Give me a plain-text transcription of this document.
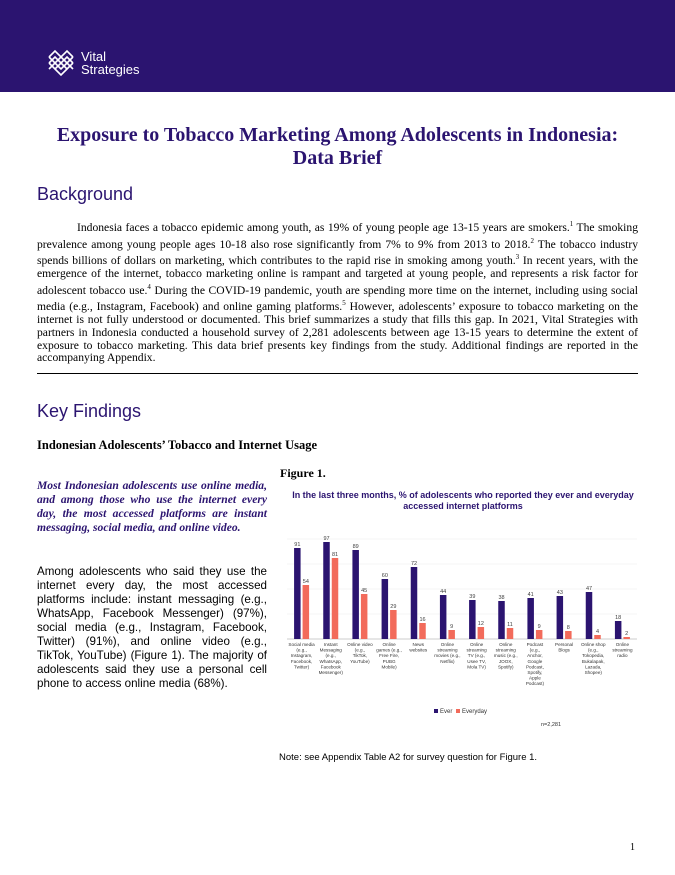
Vital
Strategies
Exposure to Tobacco Marketing Among Adolescents in Indonesia:
Data Brief
Background

Indonesia faces a tobacco epidemic among youth, as 19% of young people age 13-15 years are smokers.$^1$ The smoking prevalence among young people ages 10-18 also rose significantly from 7% to 9% from 2013 to 2018.$^2$ The tobacco industry spends billions of dollars on marketing, which contributes to the rapid rise in smoking among youth.$^3$ In recent years, with the emergence of the internet, tobacco marketing online is rampant and targeted at young people, and represents a risk factor for adolescent tobacco use.$^4$ During the COVID-19 pandemic, youth are spending more time on the internet, including using social media (e.g., Instagram, Facebook) and online gaming platforms.$^5$ However, adolescents’ exposure to tobacco marketing on the internet is not fully understood or documented. This brief summarizes a study that fills this gap. In 2021, Vital Strategies with partners in Indonesia conducted a household survey of 2,281 adolescents between age 13-15 years to determine the extent of exposure to tobacco marketing. This data brief presents key findings from the study. Additional findings are reported in the accompanying Appendix.

Key Findings
Indonesian Adolescents’ Tobacco and Internet Usage

Most Indonesian adolescents use online media, and among those who use the internet every day, the most accessed platforms are instant messaging, social media, and online video.

Among adolescents who said they use the internet every day, the most accessed platforms include: instant messaging (e.g., WhatsApp, Facebook Messenger) (97%), social media (e.g., Instagram, Facebook, Twitter) (91%), and online video (e.g., TikTok, YouTube) (Figure 1). The majority of adolescents said they use a personal cell phone to access online media (68%).

Figure 1.
In the last three months, % of adolescents who reported they ever and everyday accessed internet platforms
91
54
Social media
(e.g.,
Instagram,
Facebook,
Twitter)
97
81
Instant
Messaging
(e.g.,
WhatsApp,
Facebook
Messenger)
89
45
Online video
(e.g.,
TikTok,
YouTube)
60
29
Online
games (e.g.,
Free Fire,
PUBG
Mobile)
72
16
News
websites
44
9
Online
streaming
movies (e.g.,
Netflix)
39
12
Online
streaming
TV (e.g.,
Usee TV,
Mola TV)
38
11
Online
streaming
music (e.g.,
JOOX,
Spotify)
41
9
Podcast
(e.g.,
Anchor,
Google
Podcast,
Spotify,
Apple
Podcast)
43
8
Personal
Blogs
47
4
Online shop
(e.g.,
Tokopedia,
Bukalapak,
Lazada,
Shopee)
18
2
Online
streaming
radio
Ever Everyday
n=2,281
Note: see Appendix Table A2 for survey question for Figure 1.
1
